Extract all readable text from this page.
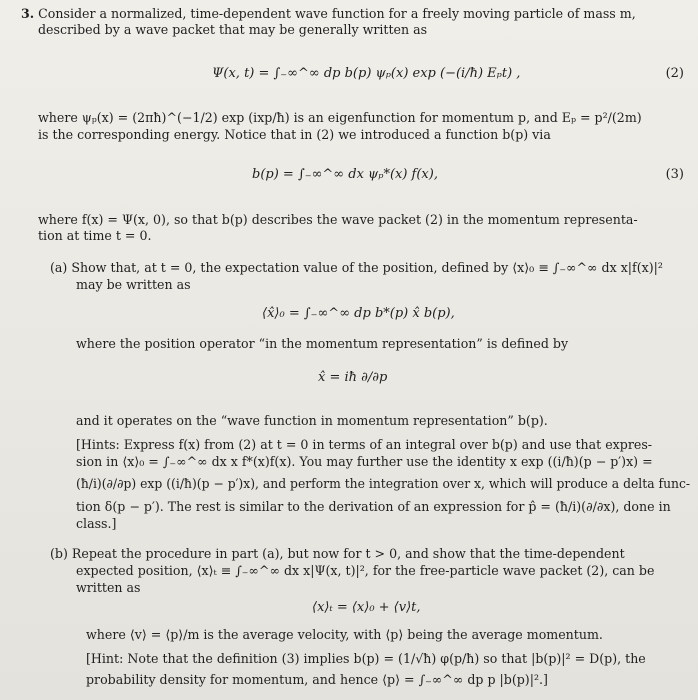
3. Consider a normalized, time-dependent wave function for a freely moving particle of mass m,
described by a wave packet that may be generally written as
Ψ(x, t) = ∫₋∞^∞ dp b(p) ψₚ(x) exp (−(i/ħ) Eₚt) ,	(2)
where ψₚ(x) = (2πħ)^(−1/2) exp (ixp/ħ) is an eigenfunction for momentum p, and Eₚ = p²/(2m)
is the corresponding energy. Notice that in (2) we introduced a function b(p) via
b(p) = ∫₋∞^∞ dx ψₚ*(x) f(x),	(3)
where f(x) = Ψ(x, 0), so that b(p) describes the wave packet (2) in the momentum representa-
tion at time t = 0.
(a) Show that, at t = 0, the expectation value of the position, defined by ⟨x⟩₀ ≡ ∫₋∞^∞ dx x|f(x)|²
may be written as
⟨x̂⟩₀ = ∫₋∞^∞ dp b*(p) x̂ b(p),
where the position operator “in the momentum representation” is defined by
x̂ = iħ ∂/∂p
and it operates on the “wave function in momentum representation” b(p).
[Hints: Express f(x) from (2) at t = 0 in terms of an integral over b(p) and use that expres-
sion in ⟨x⟩₀ = ∫₋∞^∞ dx x f*(x)f(x). You may further use the identity x exp ((i/ħ)(p − p′)x) =
(ħ/i)(∂/∂p) exp ((i/ħ)(p − p′)x), and perform the integration over x, which will produce a delta func-
tion δ(p − p′). The rest is similar to the derivation of an expression for p̂ = (ħ/i)(∂/∂x), done in
class.]
(b) Repeat the procedure in part (a), but now for t > 0, and show that the time-dependent
expected position, ⟨x⟩ₜ ≡ ∫₋∞^∞ dx x|Ψ(x, t)|², for the free-particle wave packet (2), can be
written as
⟨x⟩ₜ = ⟨x⟩₀ + ⟨v⟩t,
where ⟨v⟩ = ⟨p⟩/m is the average velocity, with ⟨p⟩ being the average momentum.
[Hint: Note that the definition (3) implies b(p) = (1/√ħ) φ(p/ħ) so that |b(p)|² = D(p), the
probability density for momentum, and hence ⟨p⟩ = ∫₋∞^∞ dp p |b(p)|².]
